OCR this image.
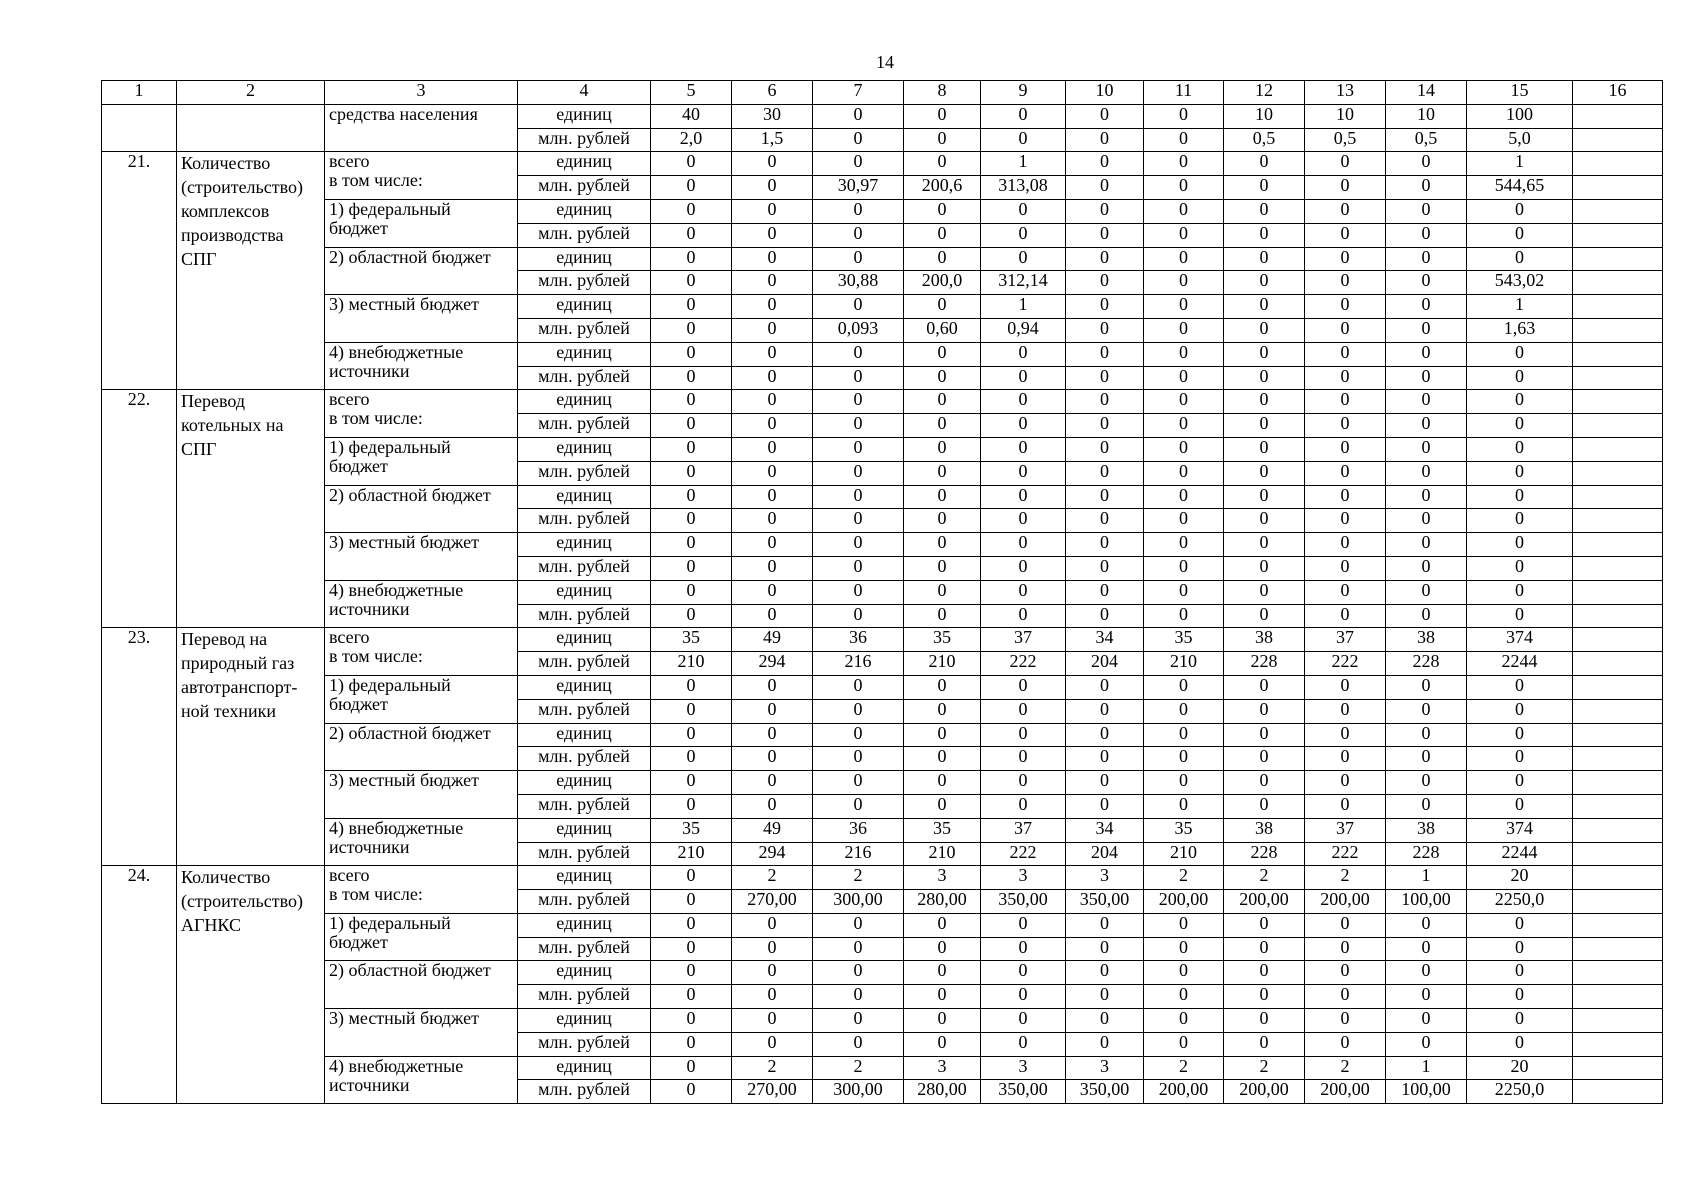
14
1	2	3	4	5	6	7	8	9	10	11	12	13	14	15	16
		средства населения	единиц	40	30	0	0	0	0	0	10	10	10	100	
			млн. рублей	2,0	1,5	0	0	0	0	0	0,5	0,5	0,5	5,0	
21.	Количество
(строительство)
комплексов
производства
СПГ	всего
в том числе:	единиц	0	0	0	0	1	0	0	0	0	0	1	
			млн. рублей	0	0	30,97	200,6	313,08	0	0	0	0	0	544,65	

		1) федеральный
бюджет	единиц	0	0	0	0	0	0	0	0	0	0	0	
			млн. рублей	0	0	0	0	0	0	0	0	0	0	0	

		2) областной бюджет	единиц	0	0	0	0	0	0	0	0	0	0	0	
			млн. рублей	0	0	30,88	200,0	312,14	0	0	0	0	0	543,02	

		3) местный бюджет	единиц	0	0	0	0	1	0	0	0	0	0	1	
			млн. рублей	0	0	0,093	0,60	0,94	0	0	0	0	0	1,63	

		4) внебюджетные
источники	единиц	0	0	0	0	0	0	0	0	0	0	0	
			млн. рублей	0	0	0	0	0	0	0	0	0	0	0	
22.	Перевод
котельных на
СПГ	всего
в том числе:	единиц	0	0	0	0	0	0	0	0	0	0	0	
			млн. рублей	0	0	0	0	0	0	0	0	0	0	0	

		1) федеральный
бюджет	единиц	0	0	0	0	0	0	0	0	0	0	0	
			млн. рублей	0	0	0	0	0	0	0	0	0	0	0	

		2) областной бюджет	единиц	0	0	0	0	0	0	0	0	0	0	0	
			млн. рублей	0	0	0	0	0	0	0	0	0	0	0	

		3) местный бюджет	единиц	0	0	0	0	0	0	0	0	0	0	0	
			млн. рублей	0	0	0	0	0	0	0	0	0	0	0	

		4) внебюджетные
источники	единиц	0	0	0	0	0	0	0	0	0	0	0	
			млн. рублей	0	0	0	0	0	0	0	0	0	0	0	
23.	Перевод на
природный газ
автотранспорт-
ной техники	всего
в том числе:	единиц	35	49	36	35	37	34	35	38	37	38	374	
			млн. рублей	210	294	216	210	222	204	210	228	222	228	2244	

		1) федеральный
бюджет	единиц	0	0	0	0	0	0	0	0	0	0	0	
			млн. рублей	0	0	0	0	0	0	0	0	0	0	0	

		2) областной бюджет	единиц	0	0	0	0	0	0	0	0	0	0	0	
			млн. рублей	0	0	0	0	0	0	0	0	0	0	0	

		3) местный бюджет	единиц	0	0	0	0	0	0	0	0	0	0	0	
			млн. рублей	0	0	0	0	0	0	0	0	0	0	0	

		4) внебюджетные
источники	единиц	35	49	36	35	37	34	35	38	37	38	374	
			млн. рублей	210	294	216	210	222	204	210	228	222	228	2244	
24.	Количество
(строительство)
АГНКС	всего
в том числе:	единиц	0	2	2	3	3	3	2	2	2	1	20	
			млн. рублей	0	270,00	300,00	280,00	350,00	350,00	200,00	200,00	200,00	100,00	2250,0	

		1) федеральный
бюджет	единиц	0	0	0	0	0	0	0	0	0	0	0	
			млн. рублей	0	0	0	0	0	0	0	0	0	0	0	

		2) областной бюджет	единиц	0	0	0	0	0	0	0	0	0	0	0	
			млн. рублей	0	0	0	0	0	0	0	0	0	0	0	

		3) местный бюджет	единиц	0	0	0	0	0	0	0	0	0	0	0	
			млн. рублей	0	0	0	0	0	0	0	0	0	0	0	

		4) внебюджетные
источники	единиц	0	2	2	3	3	3	2	2	2	1	20	
			млн. рублей	0	270,00	300,00	280,00	350,00	350,00	200,00	200,00	200,00	100,00	2250,0	
